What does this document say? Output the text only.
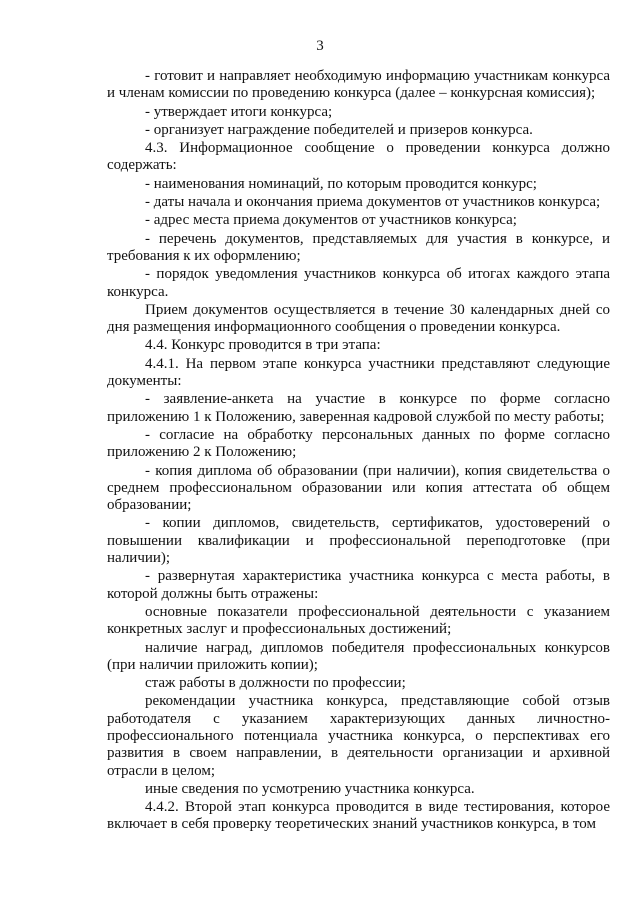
3

- готовит и направляет необходимую информацию участникам конкурса и членам комиссии по проведению конкурса (далее – конкурсная комиссия);

- утверждает итоги конкурса;

- организует награждение победителей и призеров конкурса.

4.3. Информационное сообщение о проведении конкурса должно содержать:

- наименования номинаций, по которым проводится конкурс;

- даты начала и окончания приема документов от участников конкурса;

- адрес места приема документов от участников конкурса;

- перечень документов, представляемых для участия в конкурсе, и требования к их оформлению;

- порядок уведомления участников конкурса об итогах каждого этапа конкурса.

Прием документов осуществляется в течение 30 календарных дней со дня размещения информационного сообщения о проведении конкурса.

4.4. Конкурс проводится в три этапа:

4.4.1. На первом этапе конкурса участники представляют следующие документы:

- заявление-анкета на участие в конкурсе по форме согласно приложению 1 к Положению, заверенная кадровой службой по месту работы;

- согласие на обработку персональных данных по форме согласно приложению 2 к Положению;

- копия диплома об образовании (при наличии), копия свидетельства о среднем профессиональном образовании или копия аттестата об общем образовании;

- копии дипломов, свидетельств, сертификатов, удостоверений о повышении квалификации и профессиональной переподготовке (при наличии);

- развернутая характеристика участника конкурса с места работы, в которой должны быть отражены:

основные показатели профессиональной деятельности с указанием конкретных заслуг и профессиональных достижений;

наличие наград, дипломов победителя профессиональных конкурсов (при наличии приложить копии);

стаж работы в должности по профессии;

рекомендации участника конкурса, представляющие собой отзыв работодателя с указанием характеризующих данных личностно-профессионального потенциала участника конкурса, о перспективах его развития в своем направлении, в деятельности организации и архивной отрасли в целом;

иные сведения по усмотрению участника конкурса.

4.4.2. Второй этап конкурса проводится в виде тестирования, которое включает в себя проверку теоретических знаний участников конкурса, в том
